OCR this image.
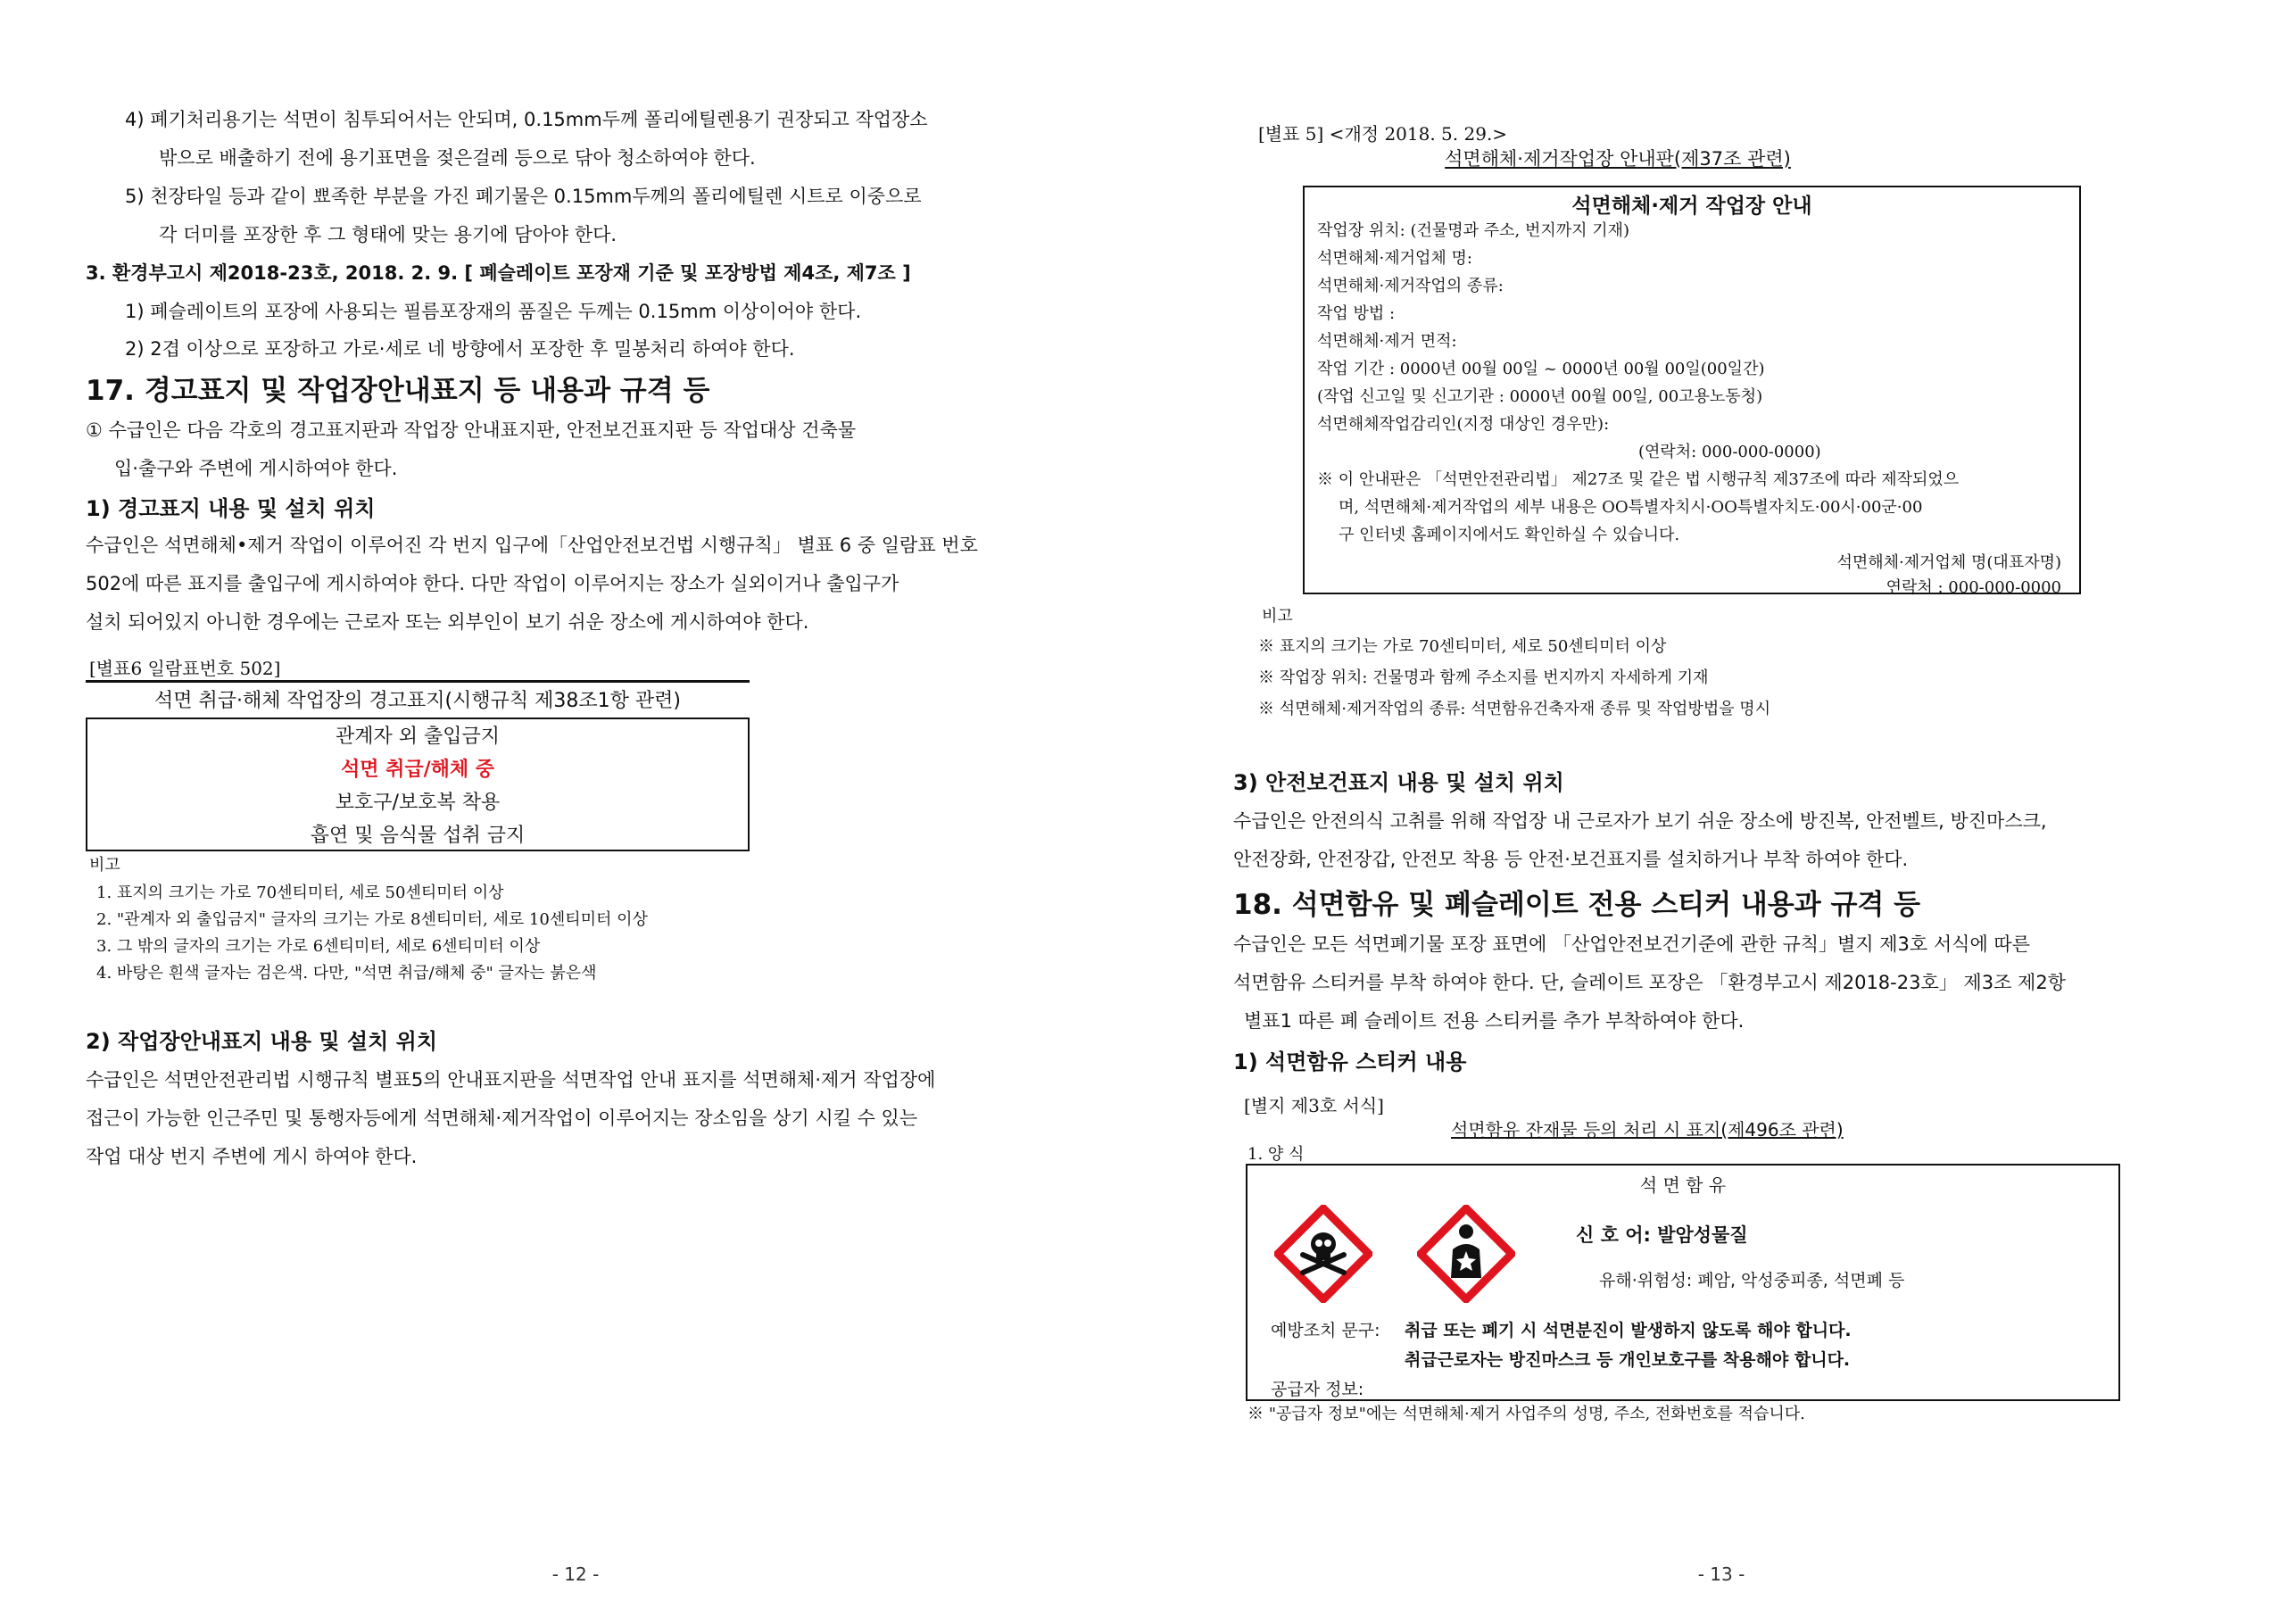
4) 폐기처리용기는 석면이 침투되어서는 안되며, 0.15mm두께 폴리에틸렌용기 권장되고 작업장소
밖으로 배출하기 전에 용기표면을 젖은걸레 등으로 닦아 청소하여야 한다.
5) 천장타일 등과 같이 뾰족한 부분을 가진 폐기물은 0.15mm두께의 폴리에틸렌 시트로 이중으로
각 더미를 포장한 후 그 형태에 맞는 용기에 담아야 한다.
3. 환경부고시 제2018-23호, 2018. 2. 9. [ 폐슬레이트 포장재 기준 및 포장방법 제4조, 제7조 ]
1) 폐슬레이트의 포장에 사용되는 필름포장재의 품질은 두께는 0.15mm 이상이어야 한다.
2) 2겹 이상으로 포장하고 가로·세로 네 방향에서 포장한 후 밀봉처리 하여야 한다.
17. 경고표지 및 작업장안내표지 등 내용과 규격 등
① 수급인은 다음 각호의 경고표지판과 작업장 안내표지판, 안전보건표지판 등 작업대상 건축물
입·출구와 주변에 게시하여야 한다.
1) 경고표지 내용 및 설치 위치
수급인은 석면해체•제거 작업이 이루어진 각 번지 입구에「산업안전보건법 시행규칙」 별표 6 중 일람표 번호
502에 따른 표지를 출입구에 게시하여야 한다. 다만 작업이 이루어지는 장소가 실외이거나 출입구가
설치 되어있지 아니한 경우에는 근로자 또는 외부인이 보기 쉬운 장소에 게시하여야 한다.
[별표6 일람표번호 502]
석면 취급·해체 작업장의 경고표지(시행규칙 제38조1항 관련)
관계자 외 출입금지
석면 취급/해체 중
보호구/보호복 착용
흡연 및 음식물 섭취 금지
비고
1. 표지의 크기는 가로 70센티미터, 세로 50센티미터 이상
2. "관계자 외 출입금지" 글자의 크기는 가로 8센티미터, 세로 10센티미터 이상
3. 그 밖의 글자의 크기는 가로 6센티미터, 세로 6센티미터 이상
4. 바탕은 흰색 글자는 검은색. 다만, "석면 취급/해체 중" 글자는 붉은색
2) 작업장안내표지 내용 및 설치 위치
수급인은 석면안전관리법 시행규칙 별표5의 안내표지판을 석면작업 안내 표지를 석면해체·제거 작업장에
접근이 가능한 인근주민 및 통행자등에게 석면해체·제거작업이 이루어지는 장소임을 상기 시킬 수 있는
작업 대상 번지 주변에 게시 하여야 한다.
- 12 -
[별표 5] <개정 2018. 5. 29.>
석면해체·제거작업장 안내판(제37조 관련)
석면해체·제거 작업장 안내
작업장 위치: (건물명과 주소, 번지까지 기재)
석면해체·제거업체 명:
석면해체·제거작업의 종류:
작업 방법 :
석면해체·제거 면적:
작업 기간 : 0000년 00월 00일 ~ 0000년 00월 00일(00일간)
(작업 신고일 및 신고기관 : 0000년 00월 00일, 00고용노동청)
석면해체작업감리인(지정 대상인 경우만):
(연락처: 000-000-0000)
※ 이 안내판은 「석면안전관리법」 제27조 및 같은 법 시행규칙 제37조에 따라 제작되었으
며, 석면해체·제거작업의 세부 내용은 OO특별자치시·OO특별자치도·00시·00군·00
구 인터넷 홈페이지에서도 확인하실 수 있습니다.
석면해체·제거업체 명(대표자명)
연락처 : 000-000-0000
비고
※ 표지의 크기는 가로 70센티미터, 세로 50센티미터 이상
※ 작업장 위치: 건물명과 함께 주소지를 번지까지 자세하게 기재
※ 석면해체·제거작업의 종류: 석면함유건축자재 종류 및 작업방법을 명시
3) 안전보건표지 내용 및 설치 위치
수급인은 안전의식 고취를 위해 작업장 내 근로자가 보기 쉬운 장소에 방진복, 안전벨트, 방진마스크,
안전장화, 안전장갑, 안전모 착용 등 안전·보건표지를 설치하거나 부착 하여야 한다.
18. 석면함유 및 폐슬레이트 전용 스티커 내용과 규격 등
수급인은 모든 석면폐기물 포장 표면에 「산업안전보건기준에 관한 규칙」별지 제3호 서식에 따른
석면함유 스티커를 부착 하여야 한다. 단, 슬레이트 포장은 「환경부고시 제2018-23호」 제3조 제2항
별표1 따른 폐 슬레이트 전용 스티커를 추가 부착하여야 한다.
1) 석면함유 스티커 내용
[별지 제3호 서식]
석면함유 잔재물 등의 처리 시 표지(제496조 관련)
1. 양 식
석 면 함 유
신 호 어: 발암성물질
유해·위험성: 폐암, 악성중피종, 석면폐 등
예방조치 문구: 취급 또는 폐기 시 석면분진이 발생하지 않도록 해야 합니다.
취급근로자는 방진마스크 등 개인보호구를 착용해야 합니다.
공급자 정보:
※ "공급자 정보"에는 석면해체·제거 사업주의 성명, 주소, 전화번호를 적습니다.
- 13 -
